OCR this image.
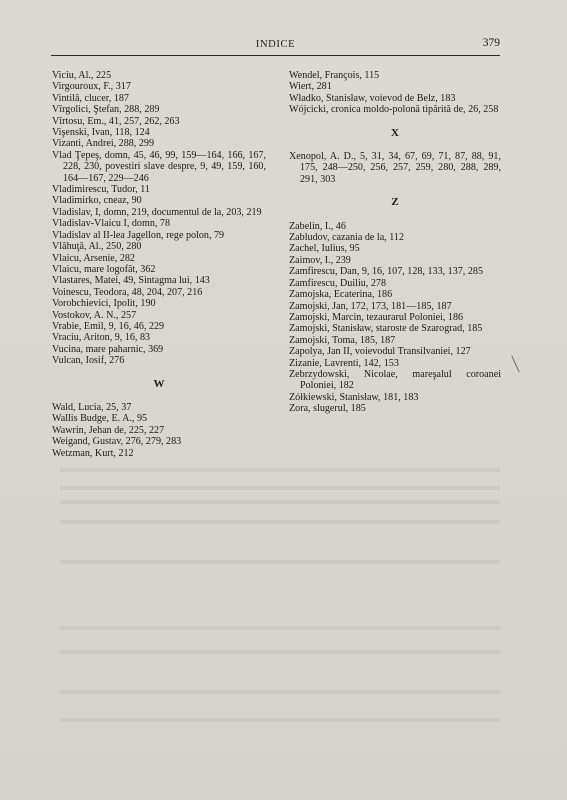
INDICE	379

Viciu, Al., 225

Virgouroux, F., 317

Vintilă, clucer, 187

Vîrgolici, Ştefan, 288, 289

Vîrtosu, Em., 41, 257, 262, 263

Vişenski, Ivan, 118, 124

Vizanti, Andrei, 288, 299

Vlad Ţepeş, domn, 45, 46, 99, 159—164, 166, 167, 228, 230, povestiri slave despre, 9, 49, 159, 160, 164—167, 229—246

Vladimirescu, Tudor, 11

Vladimirko, cneaz, 90

Vladislav, I, domn, 219, documentul de la, 203, 219

Vladislav-Vlaicu I, domn, 78

Vladislav al II-lea Jagellon, rege polon, 79

Vlăhuţă, Al., 250, 280

Vlaicu, Arsenie, 282

Vlaicu, mare logofăt, 362

Vlastares, Matei, 49, Sintagma lui, 143

Voinescu, Teodora, 48, 204, 207, 216

Vorobchievici, Ipolit, 190

Vostokov, A. N., 257

Vrabie, Emil, 9, 16, 46, 229

Vraciu, Ariton, 9, 16, 83

Vucina, mare paharnic, 369

Vulcan, Iosif, 276

W

Wald, Lucia, 25, 37

Wallis Budge, E. A., 95

Wawrin, Jehan de, 225, 227

Weigand, Gustav, 276, 279, 283

Wetzman, Kurt, 212

Wendel, François, 115

Wiert, 281

Władko, Stanisław, voievod de Belz, 183

Wójcicki, cronica moldo-polonă tipărită de, 26, 258

X

Xenopol, A. D., 5, 31, 34, 67, 69, 71, 87, 88, 91, 175, 248—250, 256, 257, 259, 280, 288, 289, 291, 303

Z

Zabelin, I., 46

Zabludov, cazania de la, 112

Zachel, Iulius, 95

Zaimov, I., 239

Zamfirescu, Dan, 9, 16, 107, 128, 133, 137, 285

Zamfirescu, Duiliu, 278

Zamojska, Ecaterina, 186

Zamojski, Jan, 172, 173, 181—185, 187

Zamojski, Marcin, tezaurarul Poloniei, 186

Zamojski, Stanisław, staroste de Szarograd, 185

Zamojski, Toma, 185, 187

Zapolya, Jan II, voievodul Transilvaniei, 127

Zizanie, Lavrenti, 142, 153

Zebrzydowski, Nicolae, mareşalul coroanei Poloniei, 182

Zółkiewski, Stanisław, 181, 183

Zora, slugerul, 185
